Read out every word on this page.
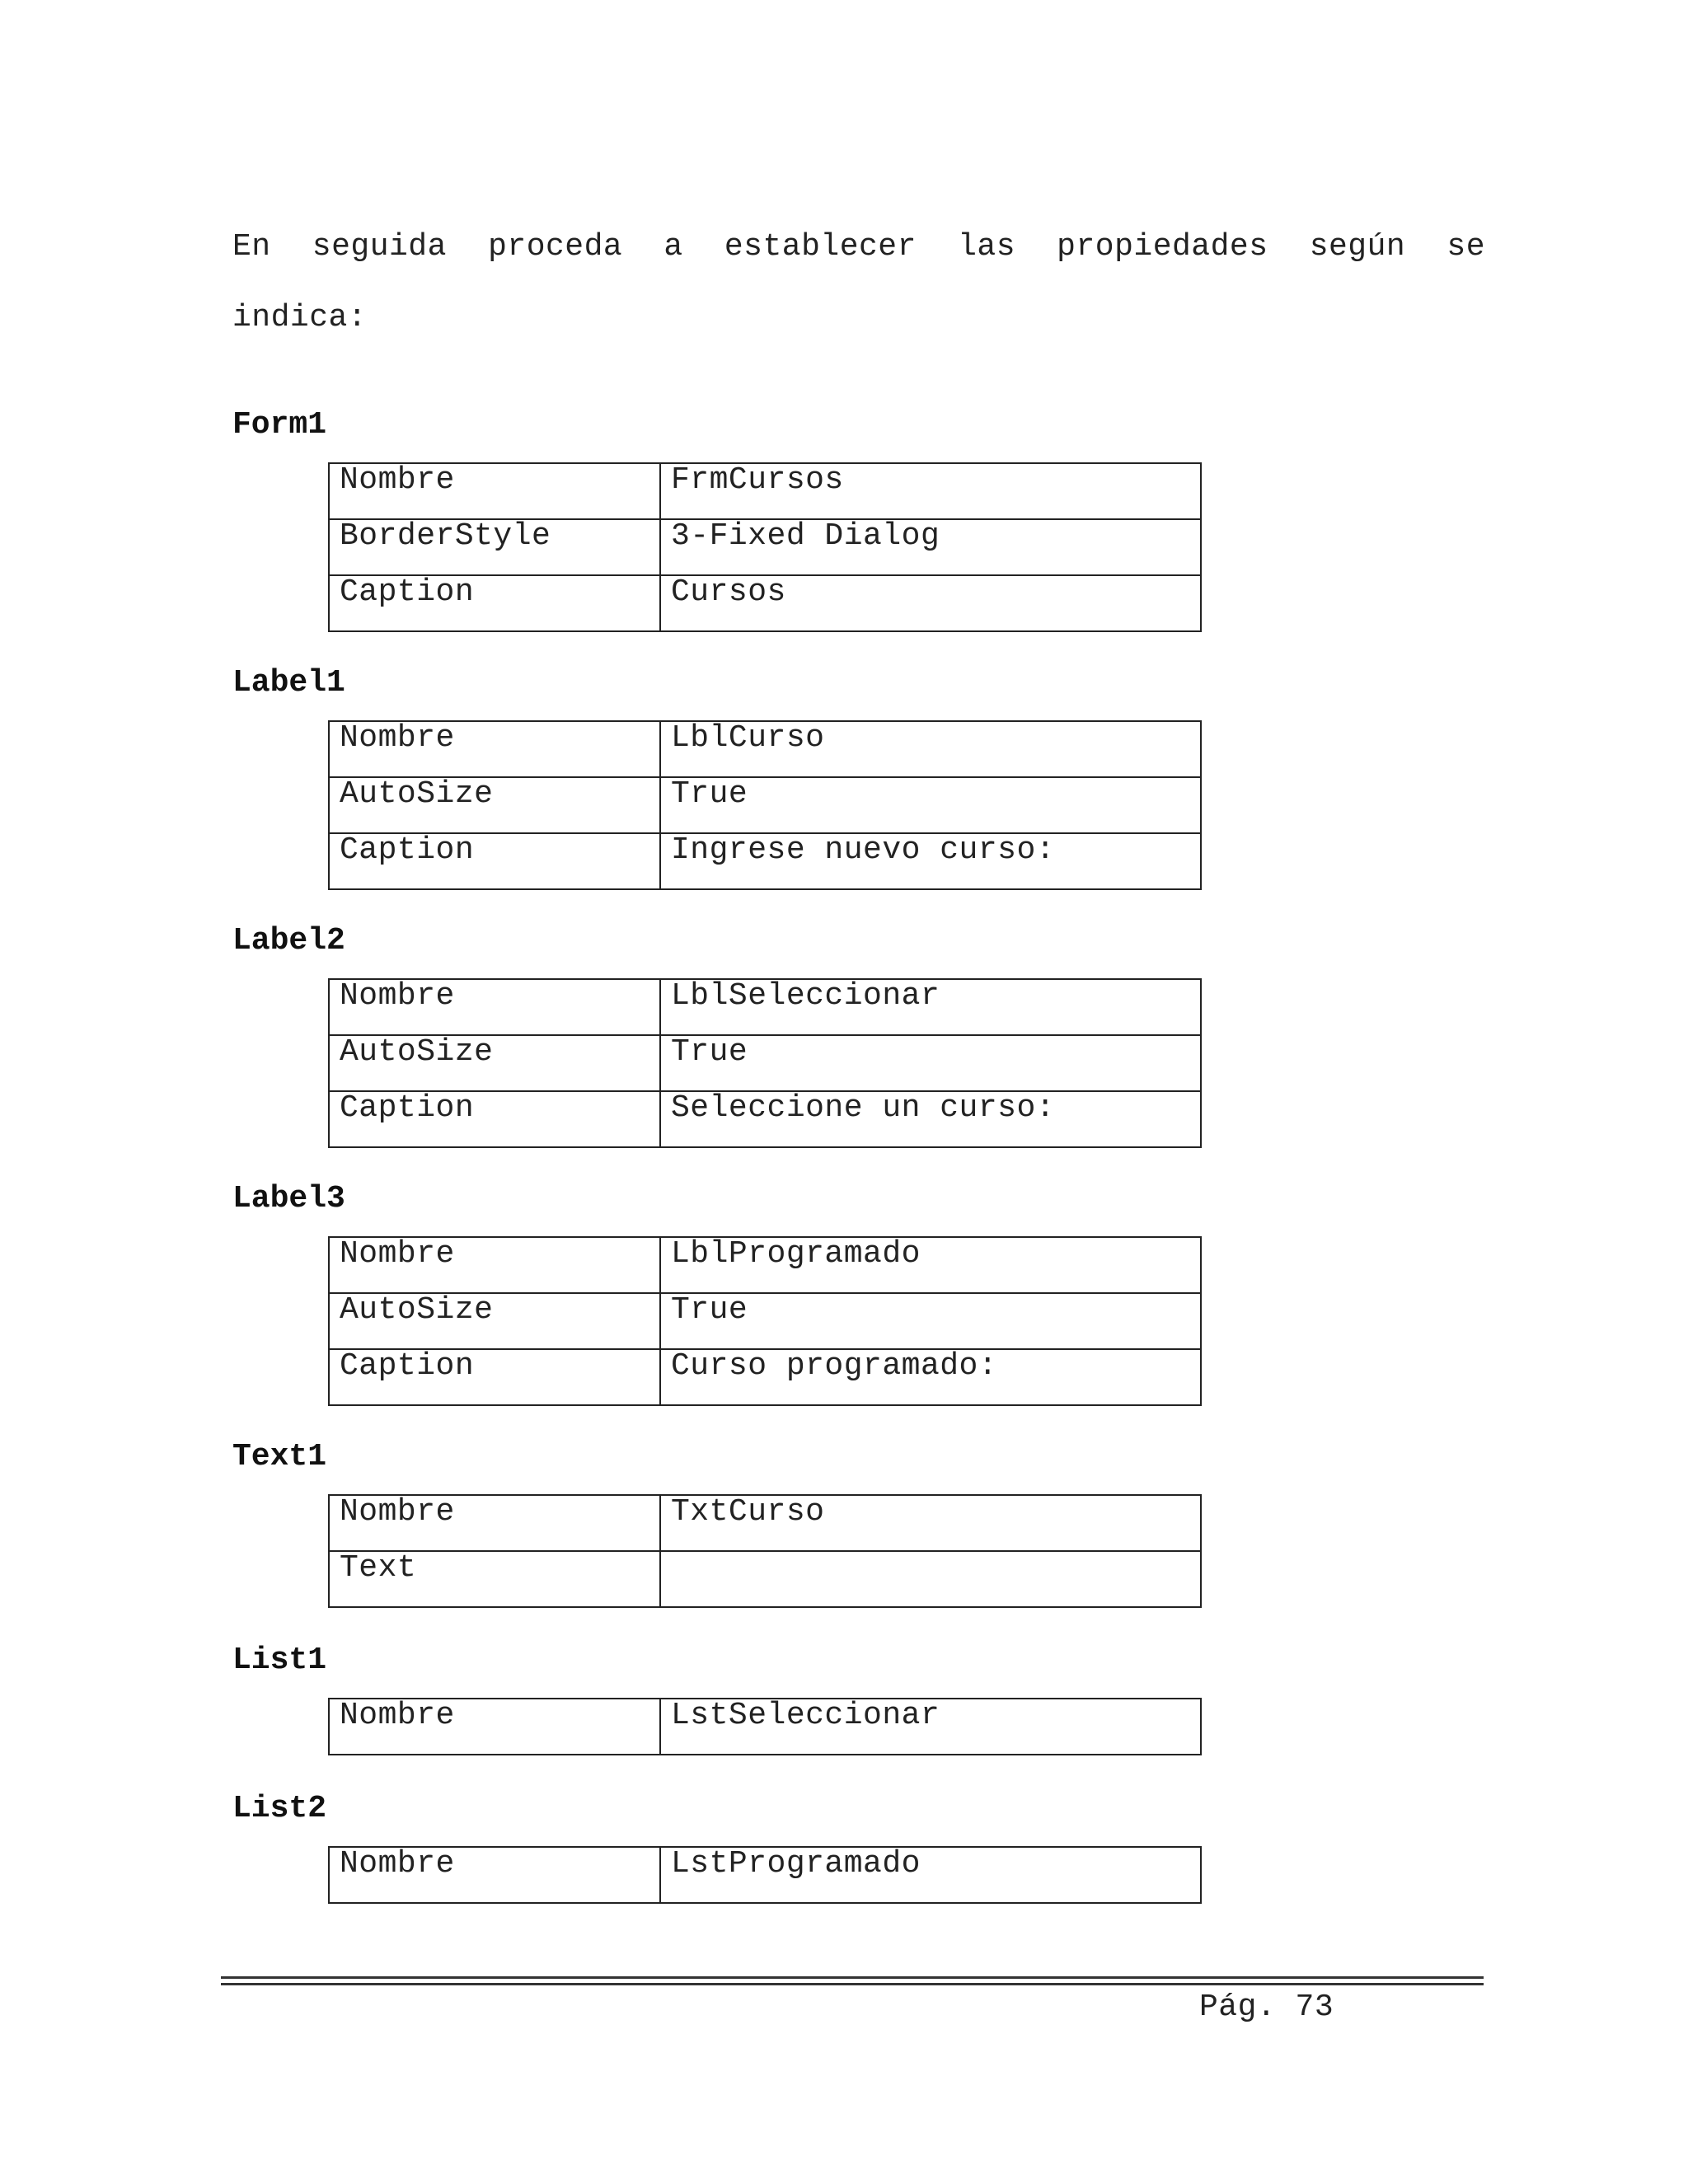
En seguida proceda a establecer las propiedades según se
indica:
Form1
Nombre	FrmCursos
BorderStyle	3-Fixed Dialog
Caption	Cursos
Label1
Nombre	LblCurso
AutoSize	True
Caption	Ingrese nuevo curso:
Label2
Nombre	LblSeleccionar
AutoSize	True
Caption	Seleccione un curso:
Label3
Nombre	LblProgramado
AutoSize	True
Caption	Curso programado:
Text1
Nombre	TxtCurso
Text	
List1
Nombre	LstSeleccionar
List2
Nombre	LstProgramado
Pág. 73
